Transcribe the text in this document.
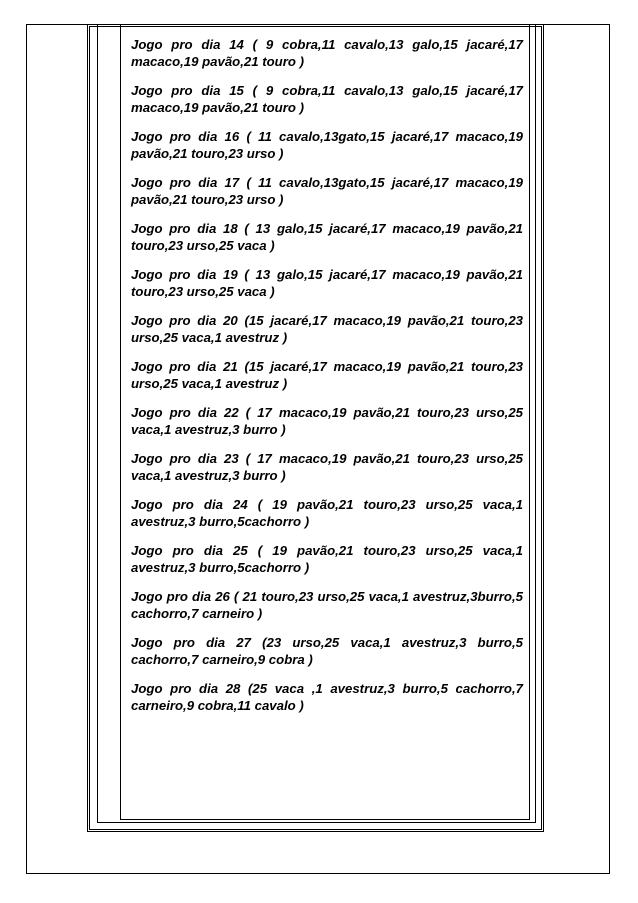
Jogo pro dia 14 ( 9 cobra,11 cavalo,13 galo,15 jacaré,17 macaco,19 pavão,21 touro )

Jogo pro dia 15 ( 9 cobra,11 cavalo,13 galo,15 jacaré,17 macaco,19 pavão,21 touro )

Jogo pro dia 16 ( 11 cavalo,13gato,15 jacaré,17 macaco,19 pavão,21 touro,23 urso )

Jogo pro dia 17 ( 11 cavalo,13gato,15 jacaré,17 macaco,19 pavão,21 touro,23 urso )

Jogo pro dia 18 ( 13 galo,15 jacaré,17 macaco,19 pavão,21 touro,23 urso,25 vaca )

Jogo pro dia 19 ( 13 galo,15 jacaré,17 macaco,19 pavão,21 touro,23 urso,25 vaca )

Jogo pro dia 20 (15 jacaré,17 macaco,19 pavão,21 touro,23 urso,25 vaca,1 avestruz )

Jogo pro dia 21 (15 jacaré,17 macaco,19 pavão,21 touro,23 urso,25 vaca,1 avestruz )

Jogo pro dia 22 ( 17 macaco,19 pavão,21 touro,23 urso,25 vaca,1 avestruz,3 burro )

Jogo pro dia 23 ( 17 macaco,19 pavão,21 touro,23 urso,25 vaca,1 avestruz,3 burro )

Jogo pro dia 24 ( 19 pavão,21 touro,23 urso,25 vaca,1 avestruz,3 burro,5cachorro )

Jogo pro dia 25 ( 19 pavão,21 touro,23 urso,25 vaca,1 avestruz,3 burro,5cachorro )

Jogo pro dia 26 ( 21 touro,23 urso,25 vaca,1 avestruz,3burro,5 cachorro,7 carneiro )

Jogo pro dia 27 (23 urso,25 vaca,1 avestruz,3 burro,5 cachorro,7 carneiro,9 cobra )

Jogo pro dia 28 (25 vaca ,1 avestruz,3 burro,5 cachorro,7 carneiro,9 cobra,11 cavalo )
